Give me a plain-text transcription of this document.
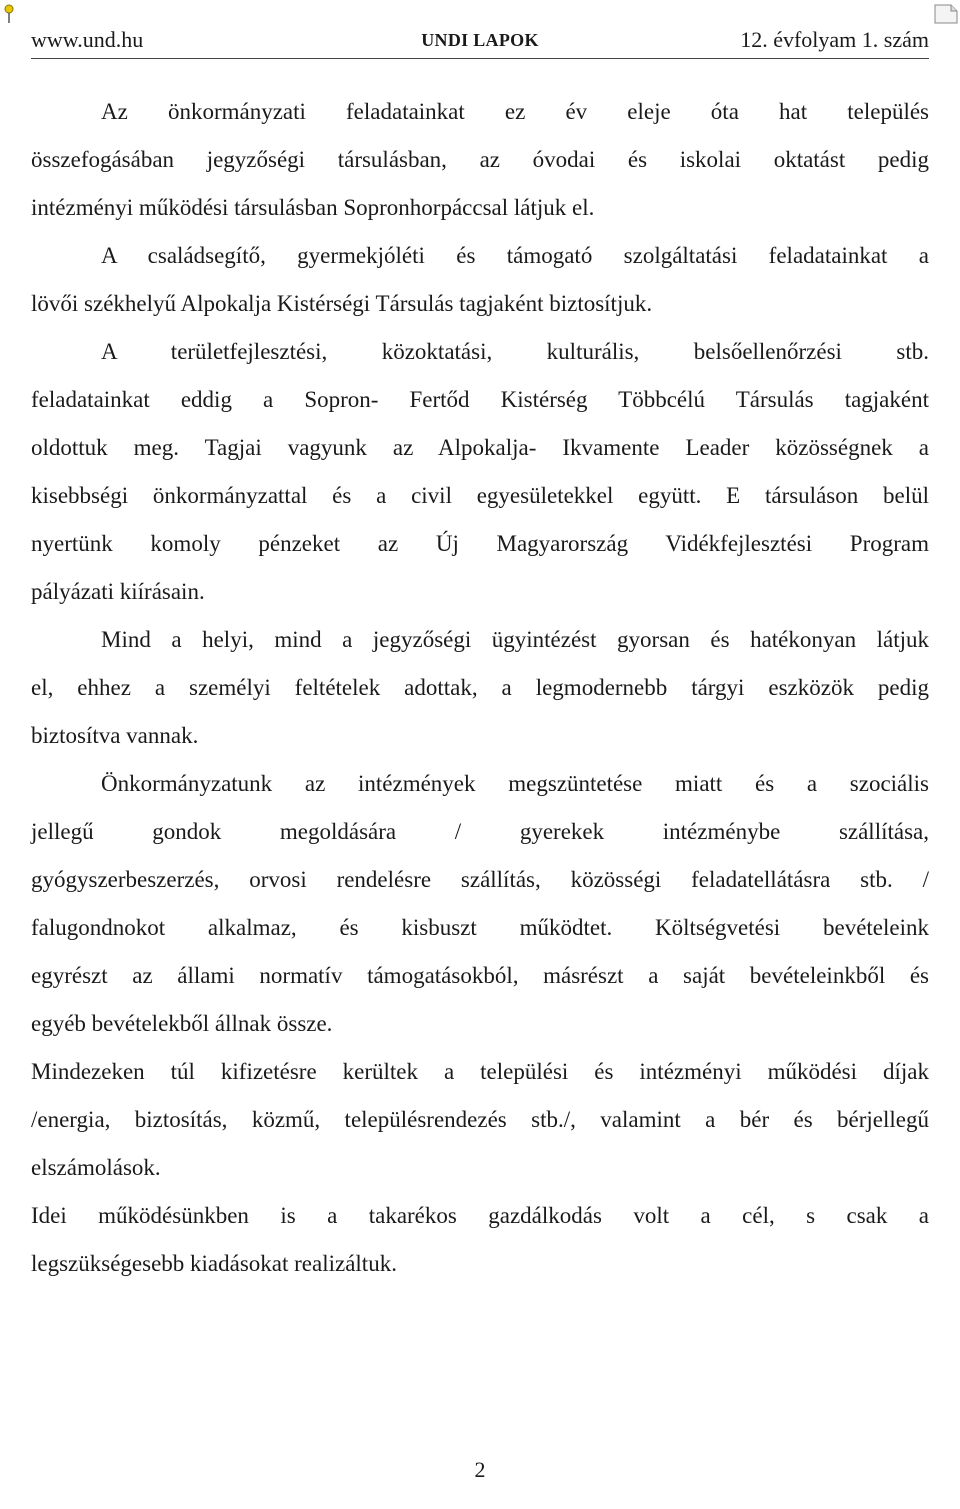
www.und.hu	UNDI LAPOK	12. évfolyam 1. szám

Az önkormányzati feladatainkat ez év eleje óta hat település

összefogásában jegyzőségi társulásban, az óvodai és iskolai oktatást pedig

intézményi működési társulásban Sopronhorpáccsal látjuk el.

A családsegítő, gyermekjóléti és támogató szolgáltatási feladatainkat a

lövői székhelyű Alpokalja Kistérségi Társulás tagjaként biztosítjuk.

A területfejlesztési, közoktatási, kulturális, belsőellenőrzési stb.

feladatainkat eddig a Sopron- Fertőd Kistérség Többcélú Társulás tagjaként

oldottuk meg. Tagjai vagyunk az Alpokalja- Ikvamente Leader közösségnek a

kisebbségi önkormányzattal és a civil egyesületekkel együtt. E társuláson belül

nyertünk komoly pénzeket az Új Magyarország Vidékfejlesztési Program

pályázati kiírásain.

Mind a helyi, mind a jegyzőségi ügyintézést gyorsan és hatékonyan látjuk

el, ehhez a személyi feltételek adottak, a legmodernebb tárgyi eszközök pedig

biztosítva vannak.

Önkormányzatunk az intézmények megszüntetése miatt és a szociális

jellegű gondok megoldására / gyerekek intézménybe szállítása,

gyógyszerbeszerzés, orvosi rendelésre szállítás, közösségi feladatellátásra stb. /

falugondnokot alkalmaz, és kisbuszt működtet. Költségvetési bevételeink

egyrészt az állami normatív támogatásokból, másrészt a saját bevételeinkből és

egyéb bevételekből állnak össze.

Mindezeken túl kifizetésre kerültek a települési és intézményi működési díjak

/energia, biztosítás, közmű, településrendezés stb./, valamint a bér és bérjellegű

elszámolások.

Idei működésünkben is a takarékos gazdálkodás volt a cél, s csak a

legszükségesebb kiadásokat realizáltuk.

2
